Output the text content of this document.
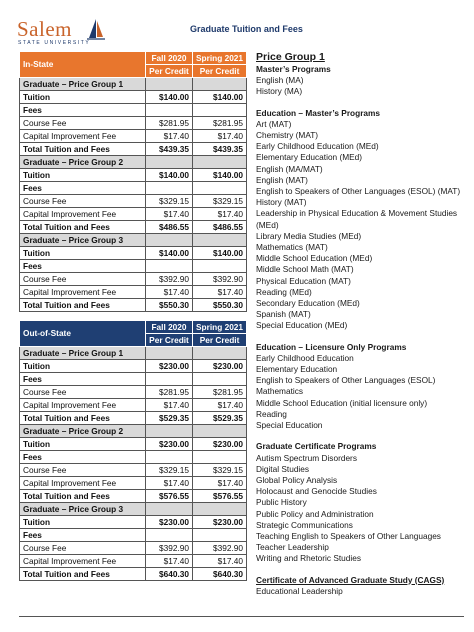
Salem
STATE UNIVERSITY
Graduate Tuition and Fees
In-State	Fall 2020	Spring 2021
	Per Credit	Per Credit
Graduate – Price Group 1		
Tuition	$140.00	$140.00
Fees		
Course Fee	$281.95	$281.95
Capital Improvement Fee	$17.40	$17.40
Total Tuition and Fees	$439.35	$439.35
Graduate – Price Group 2		
Tuition	$140.00	$140.00
Fees		
Course Fee	$329.15	$329.15
Capital Improvement Fee	$17.40	$17.40
Total Tuition and Fees	$486.55	$486.55
Graduate – Price Group 3		
Tuition	$140.00	$140.00
Fees		
Course Fee	$392.90	$392.90
Capital Improvement Fee	$17.40	$17.40
Total Tuition and Fees	$550.30	$550.30
Out-of-State	Fall 2020	Spring 2021
	Per Credit	Per Credit
Graduate – Price Group 1		
Tuition	$230.00	$230.00
Fees		
Course Fee	$281.95	$281.95
Capital Improvement Fee	$17.40	$17.40
Total Tuition and Fees	$529.35	$529.35
Graduate – Price Group 2		
Tuition	$230.00	$230.00
Fees		
Course Fee	$329.15	$329.15
Capital Improvement Fee	$17.40	$17.40
Total Tuition and Fees	$576.55	$576.55
Graduate – Price Group 3		
Tuition	$230.00	$230.00
Fees		
Course Fee	$392.90	$392.90
Capital Improvement Fee	$17.40	$17.40
Total Tuition and Fees	$640.30	$640.30
Price Group 1
Master’s Programs
English (MA)
History (MA)
Education – Master’s Programs
Art (MAT)
Chemistry (MAT)
Early Childhood Education (MEd)
Elementary Education (MEd)
English (MA/MAT)
English (MAT)
English to Speakers of Other Languages (ESOL) (MAT)
History (MAT)
Leadership in Physical Education & Movement Studies
(MEd)
Library Media Studies (MEd)
Mathematics (MAT)
Middle School Education (MEd)
Middle School Math (MAT)
Physical Education (MAT)
Reading (MEd)
Secondary Education (MEd)
Spanish (MAT)
Special Education (MEd)
Education – Licensure Only Programs
Early Childhood Education
Elementary Education
English to Speakers of Other Languages (ESOL)
Mathematics
Middle School Education (initial licensure only)
Reading
Special Education
Graduate Certificate Programs
Autism Spectrum Disorders
Digital Studies
Global Policy Analysis
Holocaust and Genocide Studies
Public History
Public Policy and Administration
Strategic Communications
Teaching English to Speakers of Other Languages
Teacher Leadership
Writing and Rhetoric Studies
Certificate of Advanced Graduate Study (CAGS)
Educational Leadership
